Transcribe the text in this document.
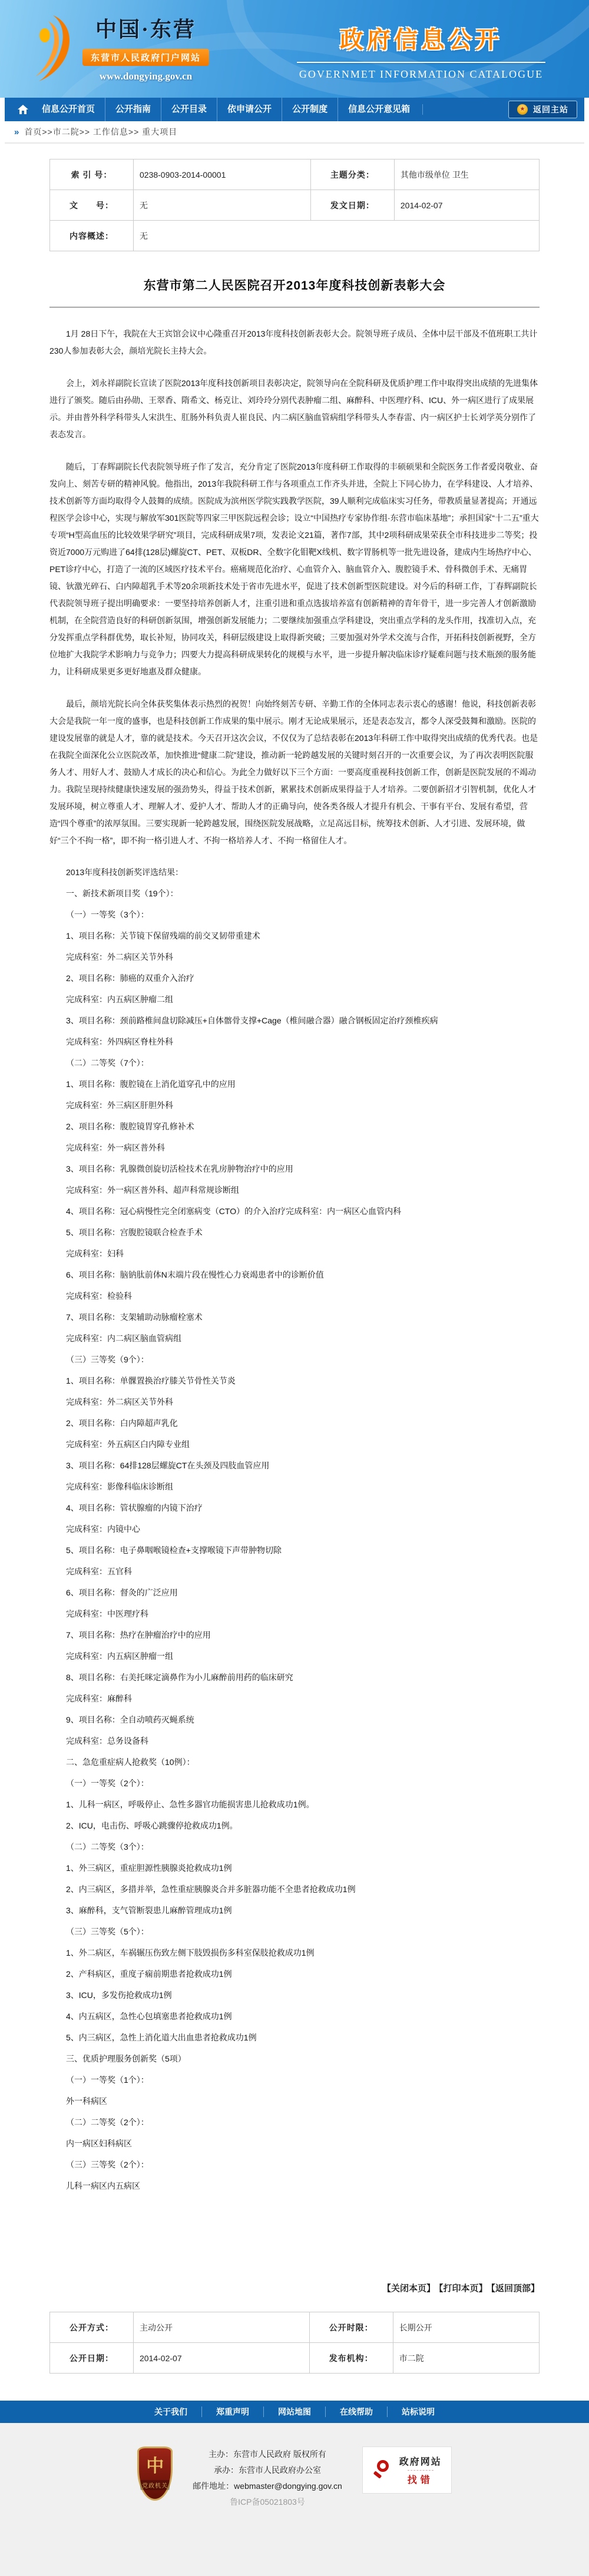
中国·东营
东营市人民政府门户网站
www.dongying.gov.cn
政府信息公开
GOVERNMET INFORMATION CATALOGUE
信息公开首页	公开指南	公开目录	依申请公开	公开制度	信息公开意见箱	★ 返回主站
» 首页>>市二院>> 工作信息>> 重大项目
索 引 号：	0238-0903-2014-00001	主题分类：	其他市级单位 卫生
文　　号：	无	发文日期：	2014-02-07
内容概述：	无		
东营市第二人民医院召开2013年度科技创新表彰大会

1月 28日下午，我院在大王宾馆会议中心隆重召开2013年度科技创新表彰大会。院领导班子成员、全体中层干部及不值班职工共计230人参加表彰大会，颜培光院长主持大会。

会上，刘永祥副院长宣读了医院2013年度科技创新项目表彰决定，院领导向在全院科研及优质护理工作中取得突出成绩的先进集体进行了颁奖。随后由孙勋、王翠香、隋希文、杨克让、刘玲玲分别代表肿瘤二组、麻醉科、中医理疗科、ICU、外一病区进行了成果展示。并由普外科学科带头人宋洪生、肛肠外科负责人崔良民、内二病区脑血管病组学科带头人李春雷、内一病区护士长刘学英分别作了表态发言。

随后，丁春辉副院长代表院领导班子作了发言，充分肯定了医院2013年度科研工作取得的丰硕硕果和全院医务工作者爱岗敬业、奋发向上、刻苦专研的精神风貌。他指出，2013年我院科研工作与各项重点工作齐头并进，全院上下同心协力，在学科建设、人才培养、技术创新等方面均取得令人鼓舞的成绩。医院成为滨州医学院实践教学医院，39人顺利完成临床实习任务，带教质量显著提高；开通远程医学会诊中心，实现与解放军301医院等四家三甲医院远程会诊；设立“中国热疗专家协作组·东营市临床基地”；承担国家“十二五”重大专项“H型高血压的比较效果学研究”项目，完成科研成果7项，发表论文21篇，著作7部，其中2项科研成果荣获全市科技进步二等奖；投资近7000万元购进了64排(128层)螺旋CT、PET、双板DR、全数字化钼靶X线机、数字胃肠机等一批先进设备，建成内生场热疗中心、PET诊疗中心，打造了一流的区域医疗技术平台。癌痛规范化治疗、心血管介入、脑血管介入、腹腔镜手术、骨科微创手术、无痛胃镜、钬激光碎石、白内障超乳手术等20余项新技术处于省市先进水平，促进了技术创新型医院建设。对今后的科研工作，丁春辉副院长代表院领导班子提出明确要求：一要坚持培养创新人才，注重引进和重点选拔培养富有创新精神的青年骨干，进一步完善人才创新激励机制，在全院营造良好的科研创新氛围，增强创新发展能力；二要继续加强重点学科建设，突出重点学科的龙头作用，找准切入点，充分发挥重点学科群优势，取长补短，协同攻关，科研层级建设上取得新突破；三要加强对外学术交流与合作，开拓科技创新视野，全方位地扩大我院学术影响力与竞争力；四要大力提高科研成果转化的规模与水平，进一步提升解决临床诊疗疑难问题与技术瓶颈的服务能力，让科研成果更多更好地惠及群众健康。

最后，颜培光院长向全体获奖集体表示热烈的祝贺！向始终刻苦专研、辛勤工作的全体同志表示衷心的感谢！他说，科技创新表彰大会是我院一年一度的盛事，也是科技创新工作成果的集中展示。刚才无论成果展示，还是表态发言，都令人深受鼓舞和激励。医院的建设发展靠的就是人才，靠的就是技术。今天召开这次会议，不仅仅为了总结表彰在2013年科研工作中取得突出成绩的优秀代表。也是在我院全面深化公立医院改革，加快推进“健康二院”建设，推动新一轮跨越发展的关键时刻召开的一次重要会议，为了再次表明医院服务人才、用好人才、鼓励人才成长的决心和信心。为此全力做好以下三个方面：一要高度重视科技创新工作，创新是医院发展的不竭动力。我院呈现持续健康快速发展的强劲势头，得益于技术创新，累累技术创新成果得益于人才培养。二要创新招才引智机制，优化人才发展环境，树立尊重人才、理解人才、爱护人才、帮助人才的正确导向，使各类各级人才提升有机会、干事有平台、发展有希望，营造“四个尊重”的浓厚氛围。三要实现新一轮跨越发展，围绕医院发展战略，立足高远目标，统筹技术创新、人才引进、发展环境，做好“三个不拘一格”，即不拘一格引进人才、不拘一格培养人才、不拘一格留住人才。

2013年度科技创新奖评选结果：

一、新技术新项目奖（19个）：

（一）一等奖（3个）：

1、项目名称：关节镜下保留残端的前交叉韧带重建术

完成科室：外二病区关节外科

2、项目名称：肺癌的双重介入治疗

完成科室：内五病区肿瘤二组

3、项目名称：颈前路椎间盘切除减压+自体髂骨支撑+Cage（椎间融合器）融合钢板固定治疗颈椎疾病

完成科室：外四病区脊柱外科

（二）二等奖（7个）：

1、项目名称：腹腔镜在上消化道穿孔中的应用

完成科室：外三病区肝胆外科

2、项目名称：腹腔镜胃穿孔修补术

完成科室：外一病区普外科

3、项目名称：乳腺微创旋切活检技术在乳房肿物治疗中的应用

完成科室：外一病区普外科、超声科常规诊断组

4、项目名称：冠心病慢性完全闭塞病变（CTO）的介入治疗完成科室：内一病区心血管内科

5、项目名称：宫腹腔镜联合检查手术

完成科室：妇科

6、项目名称：脑钠肽前体N末端片段在慢性心力衰竭患者中的诊断价值

完成科室：检验科

7、项目名称：支架辅助动脉瘤栓塞术

完成科室：内二病区脑血管病组

（三）三等奖（9个）：

1、项目名称：单髁置换治疗膝关节骨性关节炎

完成科室：外二病区关节外科

2、项目名称：白内障超声乳化

完成科室：外五病区白内障专业组

3、项目名称：64排128层螺旋CT在头颈及四肢血管应用

完成科室：影像科临床诊断组

4、项目名称：管状腺瘤的内镜下治疗

完成科室：内镜中心

5、项目名称：电子鼻咽喉镜检查+支撑喉镜下声带肿物切除

完成科室：五官科

6、项目名称：督灸的广泛应用

完成科室：中医理疗科

7、项目名称：热疗在肿瘤治疗中的应用

完成科室：内五病区肿瘤一组

8、项目名称：右美托咪定滴鼻作为小儿麻醉前用药的临床研究

完成科室：麻醉科

9、项目名称：全自动喷药灭蝇系统

完成科室：总务设备科

二、急危重症病人抢救奖（10例）：

（一）一等奖（2个）：

1、儿科一病区，呼吸停止、急性多器官功能损害患儿抢救成功1例。

2、ICU，电击伤、呼吸心跳骤停抢救成功1例。

（二）二等奖（3个）：

1、外三病区，重症胆源性胰腺炎抢救成功1例

2、内三病区，多措并举，急性重症胰腺炎合并多脏器功能不全患者抢救成功1例

3、麻醉科，支气管断裂患儿麻醉管理成功1例

（三）三等奖（5个）：

1、外二病区，车祸辗压伤致左侧下肢毁损伤多科室保肢抢救成功1例

2、产科病区，重度子痫前期患者抢救成功1例

3、ICU，多发伤抢救成功1例

4、内五病区，急性心包填塞患者抢救成功1例

5、内三病区，急性上消化道大出血患者抢救成功1例

三、优质护理服务创新奖（5项）

（一）一等奖（1个）：

外一科病区

（二）二等奖（2个）：

内一病区妇科病区

（三）三等奖（2个）：

儿科一病区内五病区

【关闭本页】 【打印本页】 【返回顶部】
公开方式：	主动公开	公开时限：	长期公开
公开日期：	2014-02-07	发布机构：	市二院
关于我们	郑重声明	网站地图	在线帮助	站标说明
中
党政机关
主办：东营市人民政府 版权所有
承办：东营市人民政府办公室
邮件地址：webmaster@dongying.gov.cn
鲁ICP备05021803号
政府网站
找错
